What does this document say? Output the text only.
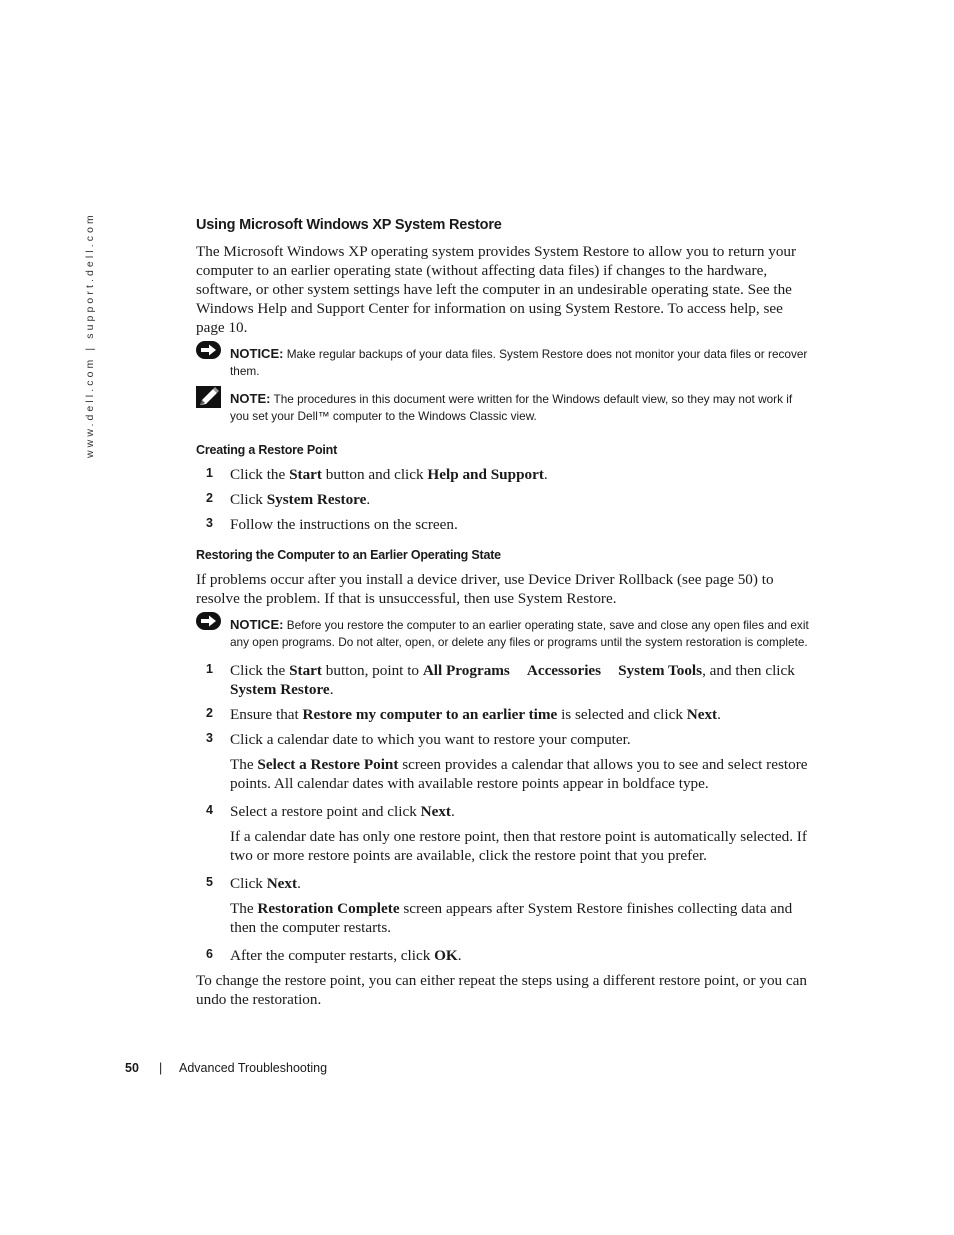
www.dell.com | support.dell.com	Using Microsoft Windows XP System Restore

The Microsoft Windows XP operating system provides System Restore to allow you to return your computer to an earlier operating state (without affecting data files) if changes to the hardware, software, or other system settings have left the computer in an undesirable operating state. See the Windows Help and Support Center for information on using System Restore. To access help, see page 10.

NOTICE: Make regular backups of your data files. System Restore does not monitor your data files or recover them.
NOTE: The procedures in this document were written for the Windows default view, so they may not work if you set your Dell™ computer to the Windows Classic view.
Creating a Restore Point
1 Click the Start button and click Help and Support.

2 Click System Restore.

3 Follow the instructions on the screen.

Restoring the Computer to an Earlier Operating State

If problems occur after you install a device driver, use Device Driver Rollback (see page 50) to resolve the problem. If that is unsuccessful, then use System Restore.

NOTICE: Before you restore the computer to an earlier operating state, save and close any open files and exit any open programs. Do not alter, open, or delete any files or programs until the system restoration is complete.
1 Click the Start button, point to All Programs Accessories System Tools, and then click System Restore.

2 Ensure that Restore my computer to an earlier time is selected and click Next.

3 Click a calendar date to which you want to restore your computer.

The Select a Restore Point screen provides a calendar that allows you to see and select restore points. All calendar dates with available restore points appear in boldface type.

4 Select a restore point and click Next.

If a calendar date has only one restore point, then that restore point is automatically selected. If two or more restore points are available, click the restore point that you prefer.

5 Click Next.

The Restoration Complete screen appears after System Restore finishes collecting data and then the computer restarts.

6 After the computer restarts, click OK.

To change the restore point, you can either repeat the steps using a different restore point, or you can undo the restoration.

50 | Advanced Troubleshooting
